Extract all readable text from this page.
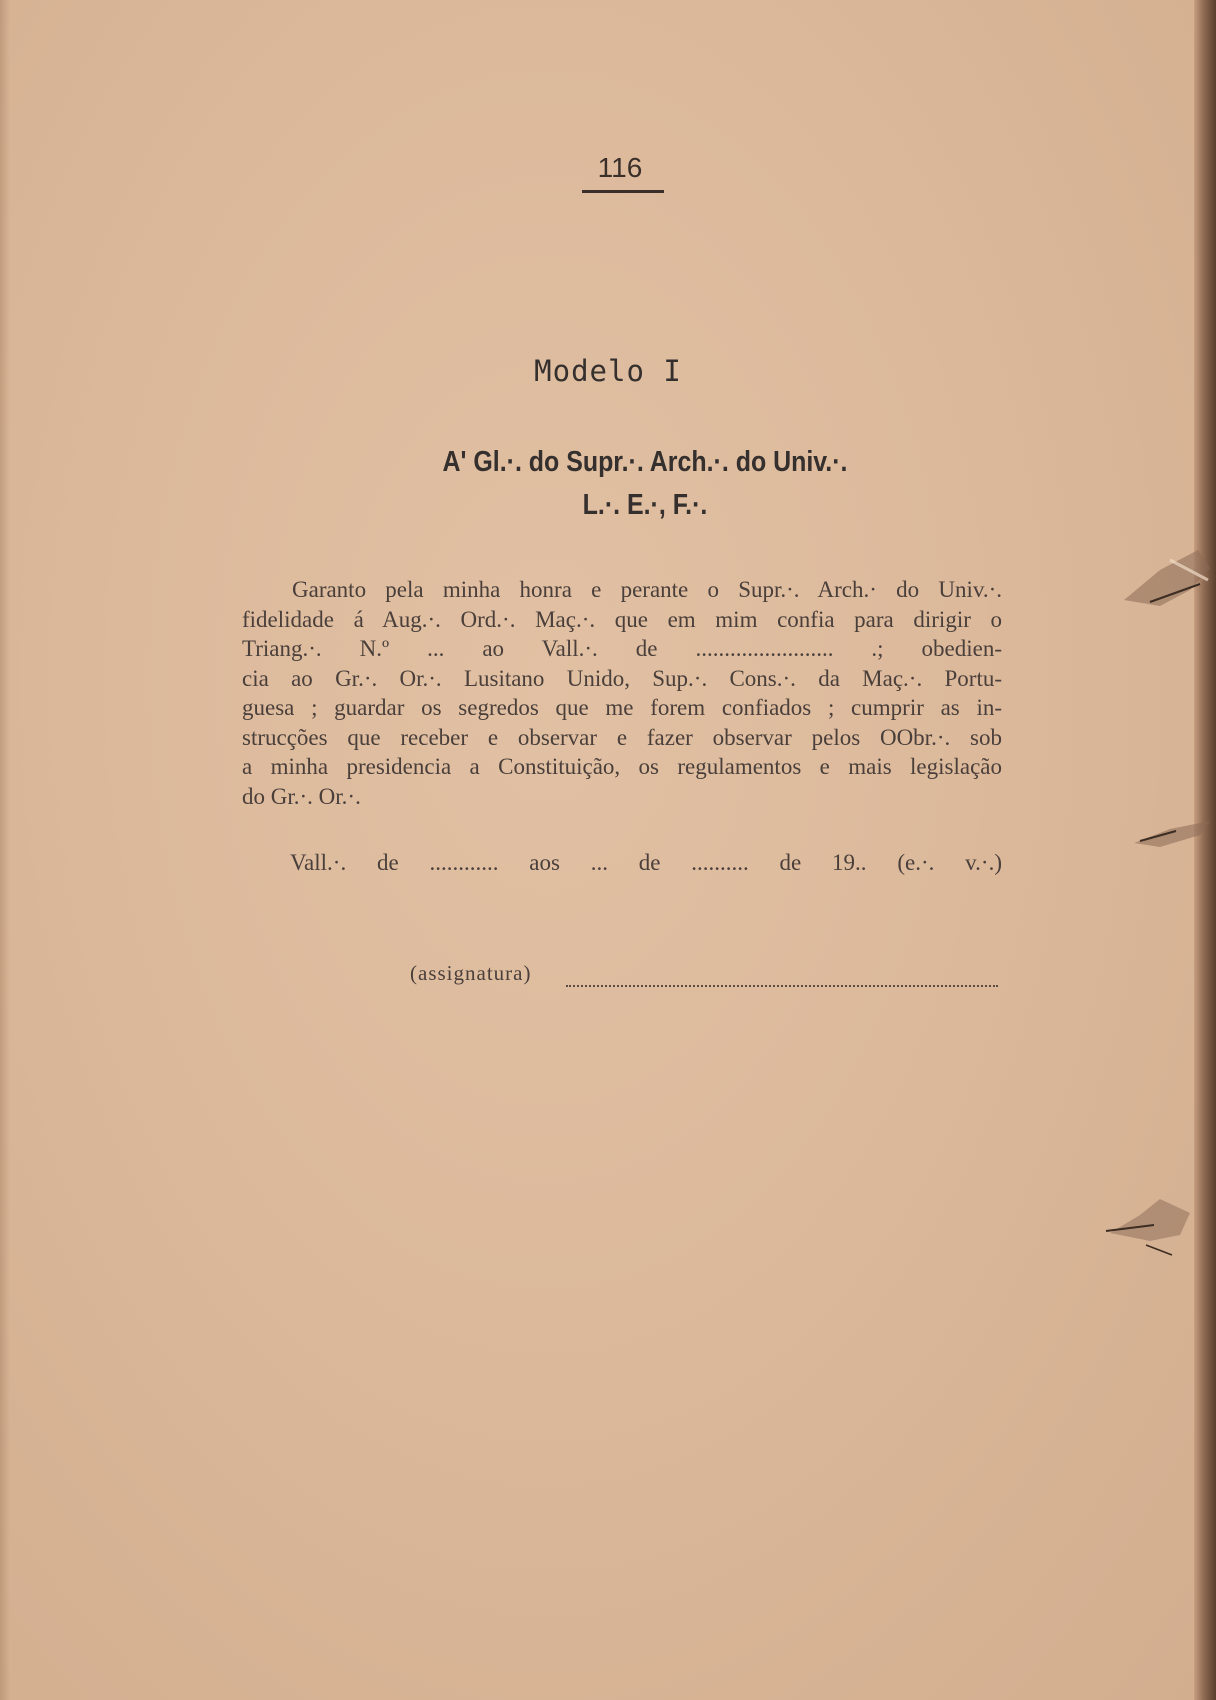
116
Modelo I
A' Gl.·. do Supr.·. Arch.·. do Univ.·.
L.·. E.·, F.·.
Garanto pela minha honra e perante o Supr.·. Arch.· do Univ.·.
fidelidade á Aug.·. Ord.·. Maç.·. que em mim confia para dirigir o
Triang.·. N.º ... ao Vall.·. de ........................ .; obedien-
cia ao Gr.·. Or.·. Lusitano Unido, Sup.·. Cons.·. da Maç.·. Portu-
guesa ; guardar os segredos que me forem confiados ; cumprir as in-
strucções que receber e observar e fazer observar pelos OObr.·. sob
a minha presidencia a Constituição, os regulamentos e mais legislação
do Gr.·. Or.·.
Vall.·. de ............ aos ... de .......... de 19.. (e.·. v.·.)
(assignatura)
